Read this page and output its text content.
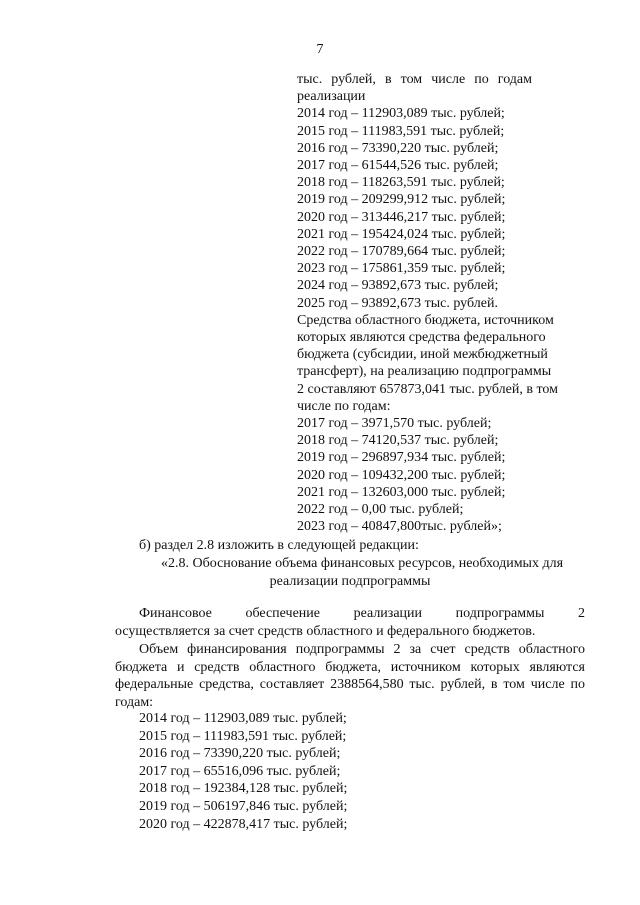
7
тыс. рублей, в том числе по годам
реализации
2014 год – 112903,089 тыс. рублей;
2015 год – 111983,591 тыс. рублей;
2016 год – 73390,220 тыс. рублей;
2017 год – 61544,526 тыс. рублей;
2018 год – 118263,591 тыс. рублей;
2019 год – 209299,912 тыс. рублей;
2020 год – 313446,217 тыс. рублей;
2021 год – 195424,024 тыс. рублей;
2022 год – 170789,664 тыс. рублей;
2023 год – 175861,359 тыс. рублей;
2024 год – 93892,673 тыс. рублей;
2025 год – 93892,673 тыс. рублей.
Средства областного бюджета, источником
которых являются средства федерального
бюджета (субсидии, иной межбюджетный
трансферт), на реализацию подпрограммы
2 составляют 657873,041 тыс. рублей, в том
числе по годам:
2017 год – 3971,570 тыс. рублей;
2018 год – 74120,537 тыс. рублей;
2019 год – 296897,934 тыс. рублей;
2020 год – 109432,200 тыс. рублей;
2021 год – 132603,000 тыс. рублей;
2022 год – 0,00 тыс. рублей;
2023 год – 40847,800тыс. рублей»;
б) раздел 2.8 изложить в следующей редакции:
«2.8. Обоснование объема финансовых ресурсов, необходимых для
реализации подпрограммы
Финансовое обеспечение реализации подпрограммы 2
осуществляется за счет средств областного и федерального бюджетов.
Объем финансирования подпрограммы 2 за счет средств областного бюджета и средств областного бюджета, источником которых являются федеральные средства, составляет 2388564,580 тыс. рублей, в том числе по годам:
2014 год – 112903,089 тыс. рублей;
2015 год – 111983,591 тыс. рублей;
2016 год – 73390,220 тыс. рублей;
2017 год – 65516,096 тыс. рублей;
2018 год – 192384,128 тыс. рублей;
2019 год – 506197,846 тыс. рублей;
2020 год – 422878,417 тыс. рублей;
